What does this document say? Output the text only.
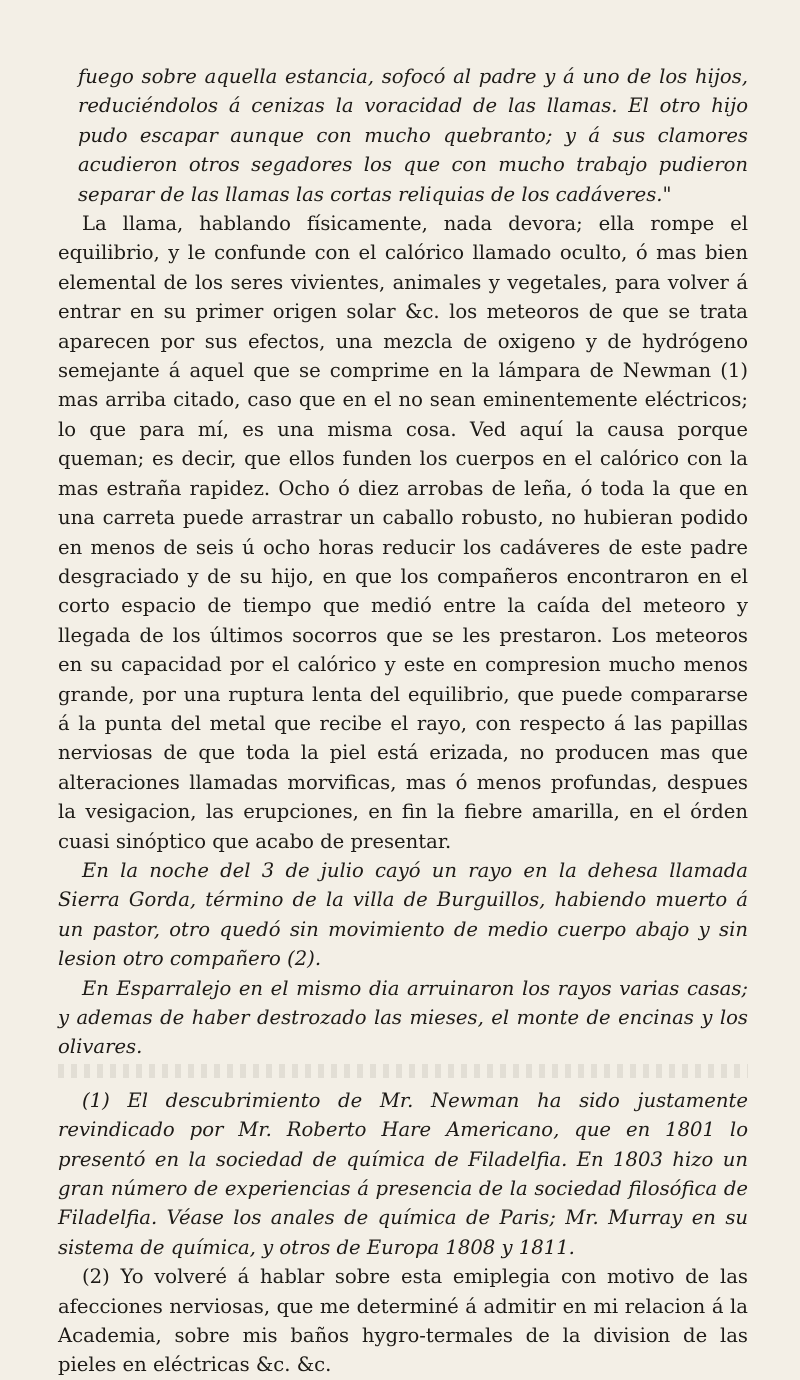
fuego sobre aquella estancia, sofocó al padre y á uno de los hijos, reduciéndolos á cenizas la voracidad de las llamas. El otro hijo pudo escapar aunque con mucho quebranto; y á sus clamores acudieron otros segadores los que con mucho trabajo pudieron separar de las llamas las cortas reliquias de los cadáveres."

La llama, hablando físicamente, nada devora; ella rompe el equilibrio, y le confunde con el calórico llamado oculto, ó mas bien elemental de los seres vivientes, animales y vegetales, para volver á entrar en su primer origen solar &c. los meteoros de que se trata aparecen por sus efectos, una mezcla de oxigeno y de hydrógeno semejante á aquel que se comprime en la lámpara de Newman (1) mas arriba citado, caso que en el no sean eminentemente eléctricos; lo que para mí, es una misma cosa. Ved aquí la causa porque queman; es decir, que ellos funden los cuerpos en el calórico con la mas estraña rapidez. Ocho ó diez arrobas de leña, ó toda la que en una carreta puede arrastrar un caballo robusto, no hubieran podido en menos de seis ú ocho horas reducir los cadáveres de este padre desgraciado y de su hijo, en que los compañeros encontraron en el corto espacio de tiempo que medió entre la caída del meteoro y llegada de los últimos socorros que se les prestaron. Los meteoros en su capacidad por el calórico y este en compresion mucho menos grande, por una ruptura lenta del equilibrio, que puede compararse á la punta del metal que recibe el rayo, con respecto á las papillas nerviosas de que toda la piel está erizada, no producen mas que alteraciones llamadas morvificas, mas ó menos profundas, despues la vesigacion, las erupciones, en fin la fiebre amarilla, en el órden cuasi sinóptico que acabo de presentar.

En la noche del 3 de julio cayó un rayo en la dehesa llamada Sierra Gorda, término de la villa de Burguillos, habiendo muerto á un pastor, otro quedó sin movimiento de medio cuerpo abajo y sin lesion otro compañero (2).

En Esparralejo en el mismo dia arruinaron los rayos varias casas; y ademas de haber destrozado las mieses, el monte de encinas y los olivares.

(1) El descubrimiento de Mr. Newman ha sido justamente revindicado por Mr. Roberto Hare Americano, que en 1801 lo presentó en la sociedad de química de Filadelfia. En 1803 hizo un gran número de experiencias á presencia de la sociedad filosófica de Filadelfia. Véase los anales de química de Paris; Mr. Murray en su sistema de química, y otros de Europa 1808 y 1811.

(2) Yo volveré á hablar sobre esta emiplegia con motivo de las afecciones nerviosas, que me determiné á admitir en mi relacion á la Academia, sobre mis baños hygro-termales de la division de las pieles en eléctricas &c. &c.
